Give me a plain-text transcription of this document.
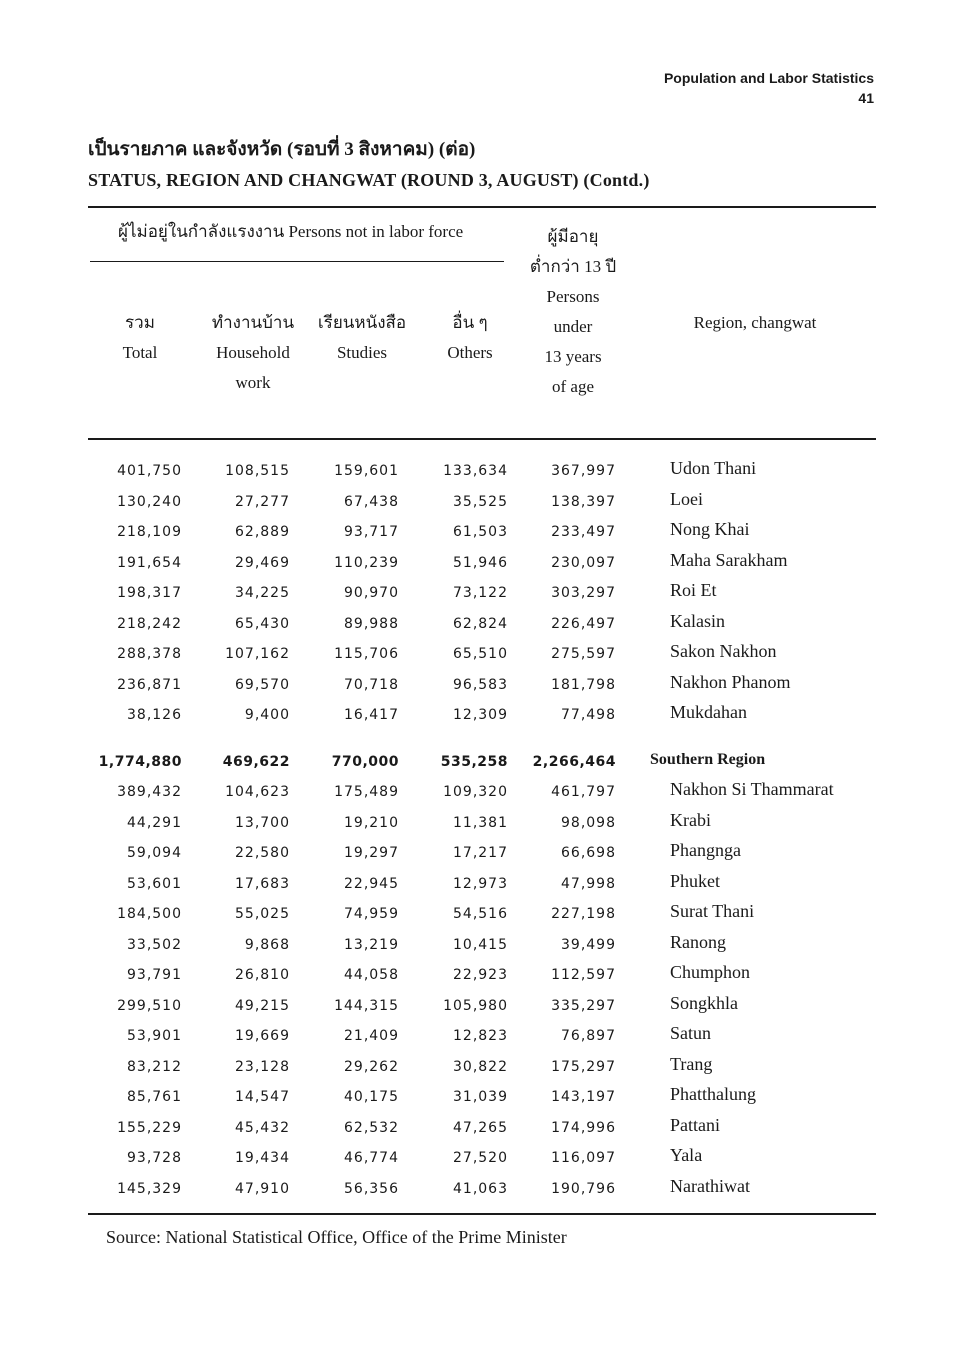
Population and Labor Statistics
41
เป็นรายภาค และจังหวัด (รอบที่ 3 สิงหาคม) (ต่อ)
STATUS, REGION AND CHANGWAT (ROUND 3, AUGUST) (Contd.)
ผู้ไม่อยู่ในกำลังแรงงาน Persons not in labor force
รวม
Total
ทำงานบ้าน
Household
work
เรียนหนังสือ
Studies
อื่น ๆ
Others
ผู้มีอายุ
ต่ำกว่า 13 ปี
Persons
under
13 years
of age
Region, changwat
401,750	108,515	159,601	133,634	367,997	Udon Thani
130,240	27,277	67,438	35,525	138,397	Loei
218,109	62,889	93,717	61,503	233,497	Nong Khai
191,654	29,469	110,239	51,946	230,097	Maha Sarakham
198,317	34,225	90,970	73,122	303,297	Roi Et
218,242	65,430	89,988	62,824	226,497	Kalasin
288,378	107,162	115,706	65,510	275,597	Sakon Nakhon
236,871	69,570	70,718	96,583	181,798	Nakhon Phanom
38,126	9,400	16,417	12,309	77,498	Mukdahan
1,774,880	469,622	770,000	535,258 2,266,464 Southern Region
389,432	104,623	175,489	109,320	461,797	Nakhon Si Thammarat
44,291	13,700	19,210	11,381	98,098	Krabi
59,094	22,580	19,297	17,217	66,698	Phangnga
53,601	17,683	22,945	12,973	47,998	Phuket
184,500	55,025	74,959	54,516	227,198	Surat Thani
33,502	9,868	13,219	10,415	39,499	Ranong
93,791	26,810	44,058	22,923	112,597	Chumphon
299,510	49,215	144,315	105,980	335,297	Songkhla
53,901	19,669	21,409	12,823	76,897	Satun
83,212	23,128	29,262	30,822	175,297	Trang
85,761	14,547	40,175	31,039	143,197	Phatthalung
155,229	45,432	62,532	47,265	174,996	Pattani
93,728	19,434	46,774	27,520	116,097	Yala
145,329	47,910	56,356	41,063	190,796	Narathiwat
Source: National Statistical Office, Office of the Prime Minister
